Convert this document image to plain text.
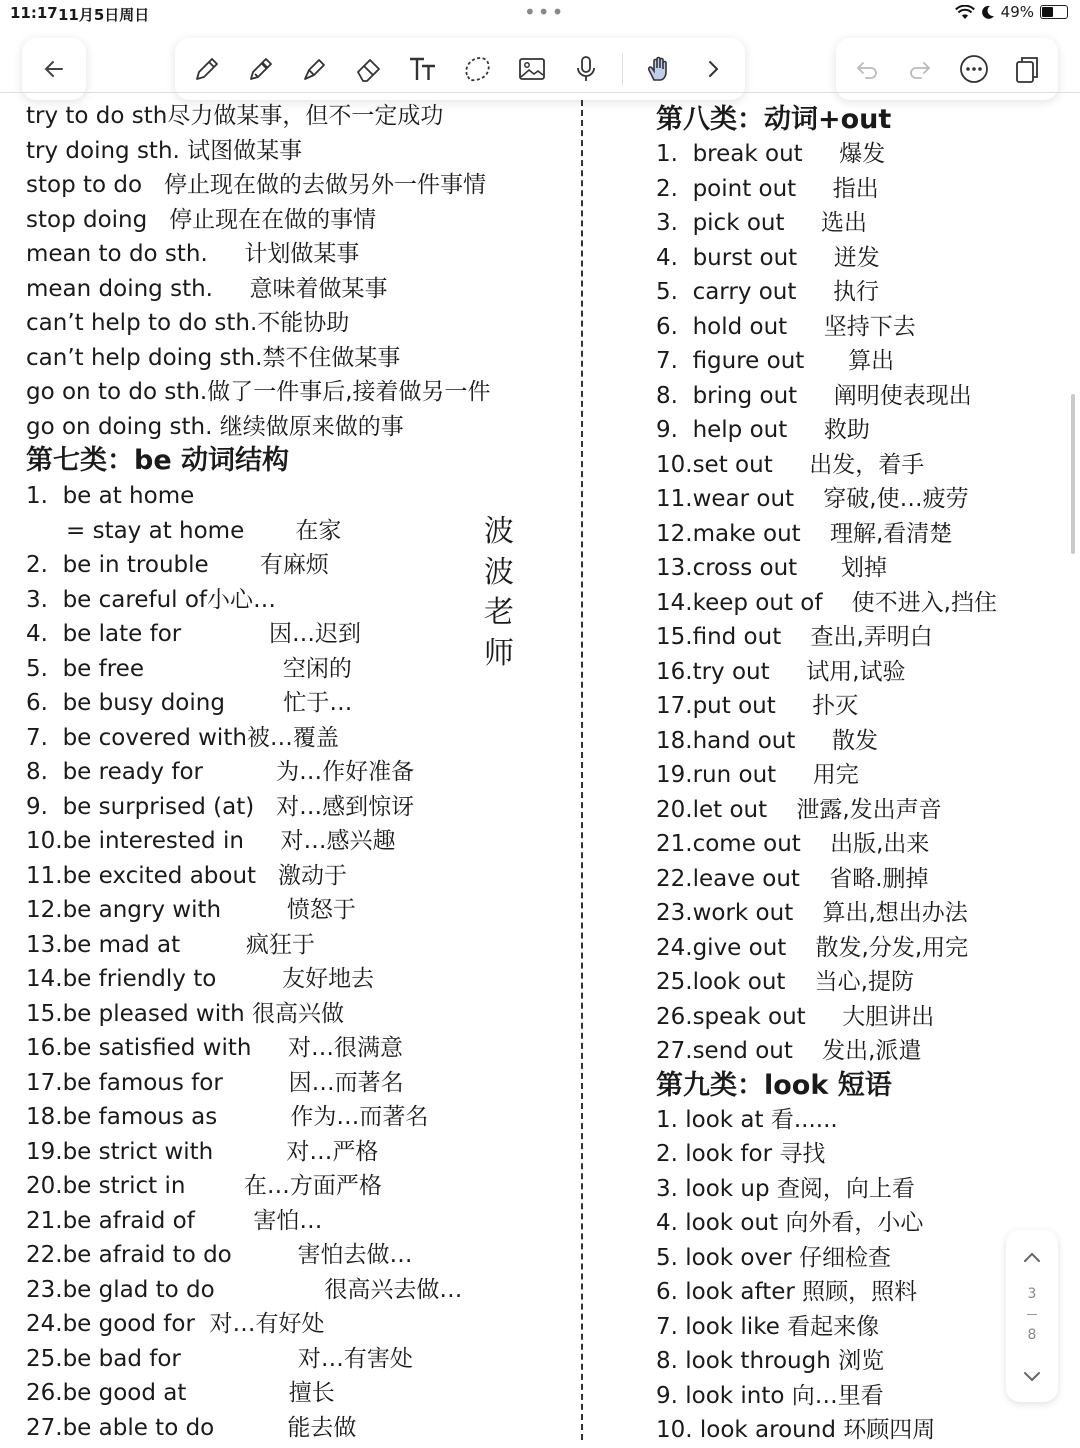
11:17 11月5日周日	•••	49%
try to do sth尽力做某事，但不一定成功
try doing sth. 试图做某事
stop to do   停止现在做的去做另外一件事情
stop doing   停止现在在做的事情
mean to do sth.     计划做某事
mean doing sth.     意味着做某事
can’t help to do sth.不能协助
can’t help doing sth.禁不住做某事
go on to do sth.做了一件事后,接着做另一件
go on doing sth. 继续做原来做的事
第七类：be 动词结构
1.  be at home
= stay at home       在家
2.  be in trouble       有麻烦
3.  be careful of小心…
4.  be late for            因…迟到
5.  be free                   空闲的
6.  be busy doing        忙于…
7.  be covered with被…覆盖
8.  be ready for          为…作好准备
9.  be surprised (at)   对…感到惊讶
10.be interested in     对…感兴趣
11.be excited about   激动于
12.be angry with         愤怒于
13.be mad at         疯狂于
14.be friendly to         友好地去
15.be pleased with 很高兴做
16.be satisfied with     对…很满意
17.be famous for         因…而著名
18.be famous as          作为…而著名
19.be strict with          对…严格
20.be strict in        在…方面严格
21.be afraid of        害怕…
22.be afraid to do         害怕去做…
23.be glad to do               很高兴去做…
24.be good for  对…有好处
25.be bad for                对…有害处
26.be good at              擅长
27.be able to do          能去做
波
波
老
师
第八类：动词+out
1.  break out     爆发
2.  point out     指出
3.  pick out     选出
4.  burst out     迸发
5.  carry out     执行
6.  hold out     坚持下去
7.  figure out      算出
8.  bring out     阐明使表现出
9.  help out     救助
10.set out     出发，着手
11.wear out    穿破,使…疲劳
12.make out    理解,看清楚
13.cross out      划掉
14.keep out of    使不进入,挡住
15.find out    查出,弄明白
16.try out     试用,试验
17.put out     扑灭
18.hand out     散发
19.run out     用完
20.let out    泄露,发出声音
21.come out    出版,出来
22.leave out    省略.删掉
23.work out    算出,想出办法
24.give out    散发,分发,用完
25.look out    当心,提防
26.speak out     大胆讲出
27.send out    发出,派遣
第九类：look 短语
1. look at 看......
2. look for 寻找
3. look up 查阅，向上看
4. look out 向外看，小心
5. look over 仔细检查
6. look after 照顾，照料
7. look like 看起来像
8. look through 浏览
9. look into 向…里看
10. look around 环顾四周
3
8
